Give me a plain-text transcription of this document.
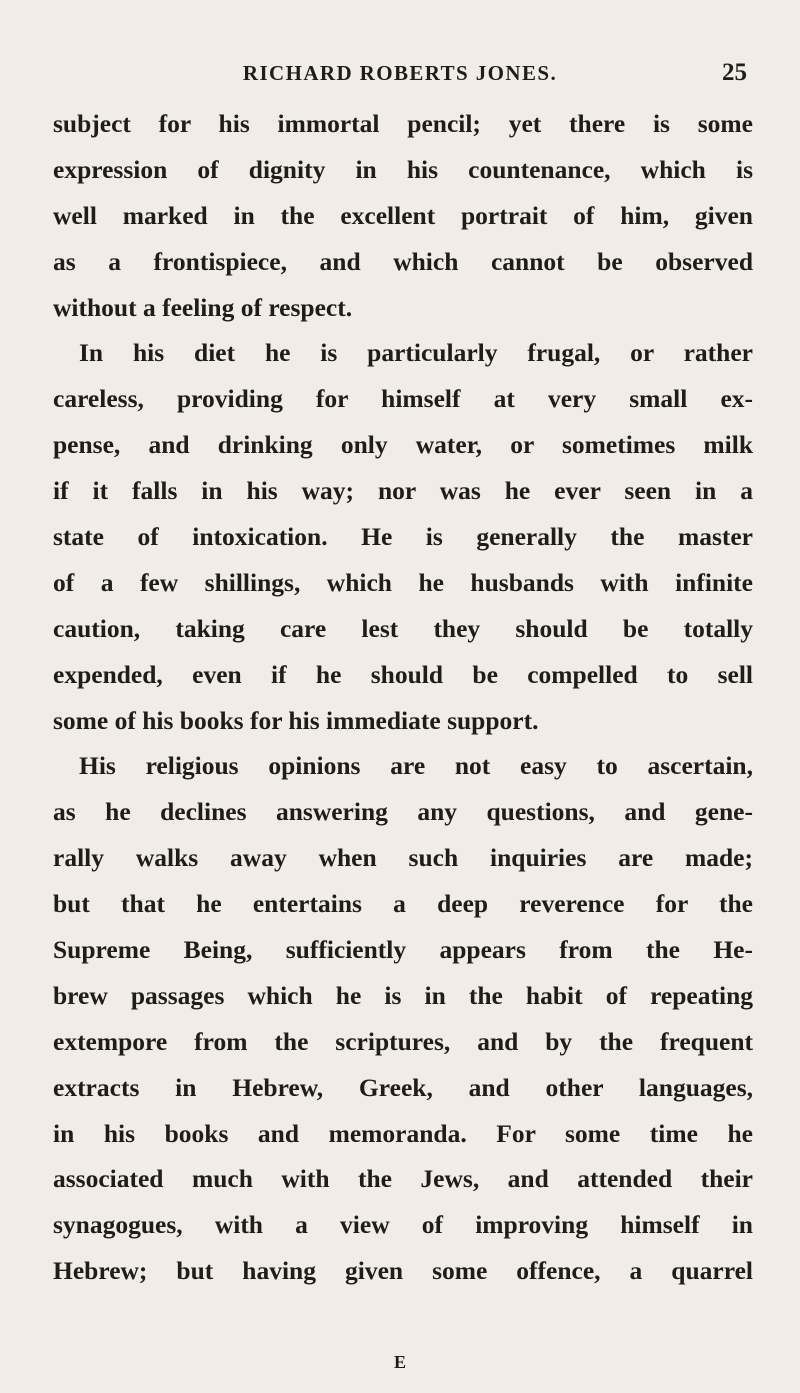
RICHARD ROBERTS JONES.	25
subject for his immortal pencil; yet there is some
expression of dignity in his countenance, which is
well marked in the excellent portrait of him, given
as a frontispiece, and which cannot be observed
without a feeling of respect.
In his diet he is particularly frugal, or rather
careless, providing for himself at very small ex-
pense, and drinking only water, or sometimes milk
if it falls in his way; nor was he ever seen in a
state of intoxication. He is generally the master
of a few shillings, which he husbands with infinite
caution, taking care lest they should be totally
expended, even if he should be compelled to sell
some of his books for his immediate support.
His religious opinions are not easy to ascertain,
as he declines answering any questions, and gene-
rally walks away when such inquiries are made;
but that he entertains a deep reverence for the
Supreme Being, sufficiently appears from the He-
brew passages which he is in the habit of repeating
extempore from the scriptures, and by the frequent
extracts in Hebrew, Greek, and other languages,
in his books and memoranda. For some time he
associated much with the Jews, and attended their
synagogues, with a view of improving himself in
Hebrew; but having given some offence, a quarrel
E
